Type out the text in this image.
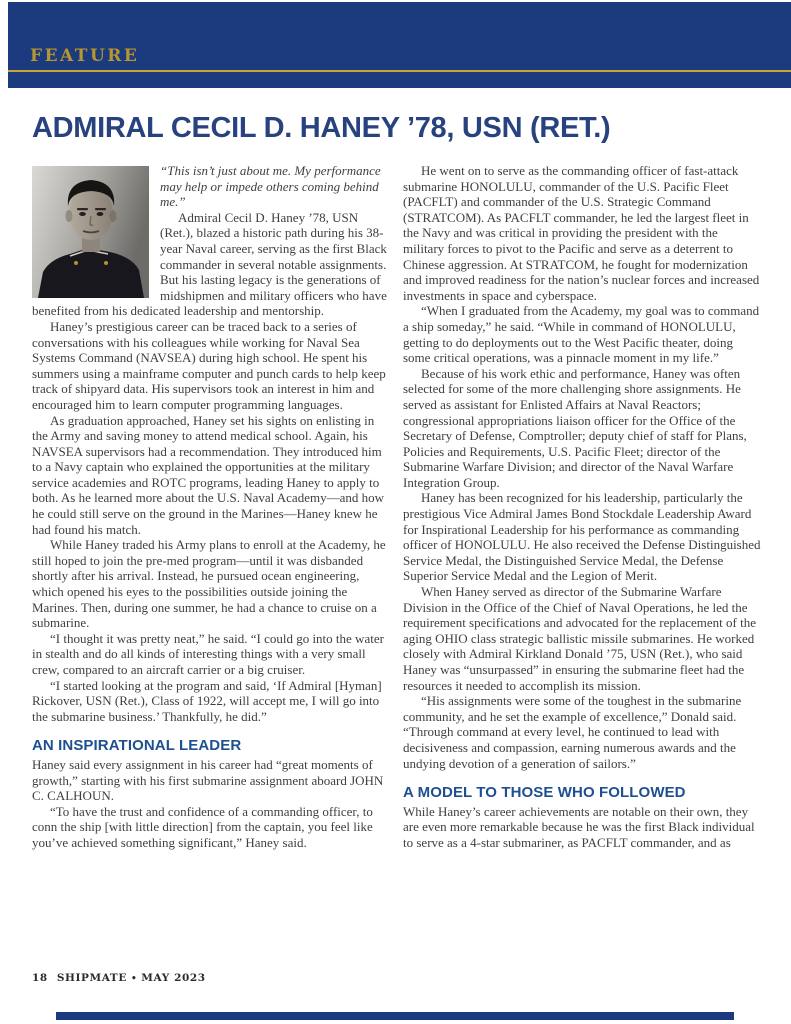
FEATURE
ADMIRAL CECIL D. HANEY ’78, USN (RET.)

“This isn’t just about me. My performance may help or impede others coming behind me.”

Admiral Cecil D. Haney ’78, USN (Ret.), blazed a historic path during his 38-year Naval career, serving as the first Black commander in several notable assignments. But his lasting legacy is the generations of midshipmen and military officers who have benefited from his dedicated leadership and mentorship.

Haney’s prestigious career can be traced back to a series of conversations with his colleagues while working for Naval Sea Systems Command (NAVSEA) during high school. He spent his summers using a mainframe computer and punch cards to help keep track of shipyard data. His supervisors took an interest in him and encouraged him to learn computer programming languages.

As graduation approached, Haney set his sights on enlisting in the Army and saving money to attend medical school. Again, his NAVSEA supervisors had a recommendation. They introduced him to a Navy captain who explained the opportunities at the military service academies and ROTC programs, leading Haney to apply to both. As he learned more about the U.S. Naval Academy—and how he could still serve on the ground in the Marines—Haney knew he had found his match.

While Haney traded his Army plans to enroll at the Academy, he still hoped to join the pre-med program—until it was disbanded shortly after his arrival. Instead, he pursued ocean engineering, which opened his eyes to the possibilities outside joining the Marines. Then, during one summer, he had a chance to cruise on a submarine.

“I thought it was pretty neat,” he said. “I could go into the water in stealth and do all kinds of interesting things with a very small crew, compared to an aircraft carrier or a big cruiser.

“I started looking at the program and said, ‘If Admiral [Hyman] Rickover, USN (Ret.), Class of 1922, will accept me, I will go into the submarine business.’ Thankfully, he did.”

AN INSPIRATIONAL LEADER

Haney said every assignment in his career had “great moments of growth,” starting with his first submarine assignment aboard JOHN C. CALHOUN.

“To have the trust and confidence of a commanding officer, to conn the ship [with little direction] from the captain, you feel like you’ve achieved something significant,” Haney said.

He went on to serve as the commanding officer of fast-attack submarine HONOLULU, commander of the U.S. Pacific Fleet (PACFLT) and commander of the U.S. Strategic Command (STRATCOM). As PACFLT commander, he led the largest fleet in the Navy and was critical in providing the president with the military forces to pivot to the Pacific and serve as a deterrent to Chinese aggression. At STRATCOM, he fought for modernization and improved readiness for the nation’s nuclear forces and increased investments in space and cyberspace.

“When I graduated from the Academy, my goal was to command a ship someday,” he said. “While in command of HONOLULU, getting to do deployments out to the West Pacific theater, doing some critical operations, was a pinnacle moment in my life.”

Because of his work ethic and performance, Haney was often selected for some of the more challenging shore assignments. He served as assistant for Enlisted Affairs at Naval Reactors; congressional appropriations liaison officer for the Office of the Secretary of Defense, Comptroller; deputy chief of staff for Plans, Policies and Requirements, U.S. Pacific Fleet; director of the Submarine Warfare Division; and director of the Naval Warfare Integration Group.

Haney has been recognized for his leadership, particularly the prestigious Vice Admiral James Bond Stockdale Leadership Award for Inspirational Leadership for his performance as commanding officer of HONOLULU. He also received the Defense Distinguished Service Medal, the Distinguished Service Medal, the Defense Superior Service Medal and the Legion of Merit.

When Haney served as director of the Submarine Warfare Division in the Office of the Chief of Naval Operations, he led the requirement specifications and advocated for the replacement of the aging OHIO class strategic ballistic missile submarines. He worked closely with Admiral Kirkland Donald ’75, USN (Ret.), who said Haney was “unsurpassed” in ensuring the submarine fleet had the resources it needed to accomplish its mission.

“His assignments were some of the toughest in the submarine community, and he set the example of excellence,” Donald said. “Through command at every level, he continued to lead with decisiveness and compassion, earning numerous awards and the undying devotion of a generation of sailors.”

A MODEL TO THOSE WHO FOLLOWED

While Haney’s career achievements are notable on their own, they are even more remarkable because he was the first Black individual to serve as a 4-star submariner, as PACFLT commander, and as

18 SHIPMATE • MAY 2023
